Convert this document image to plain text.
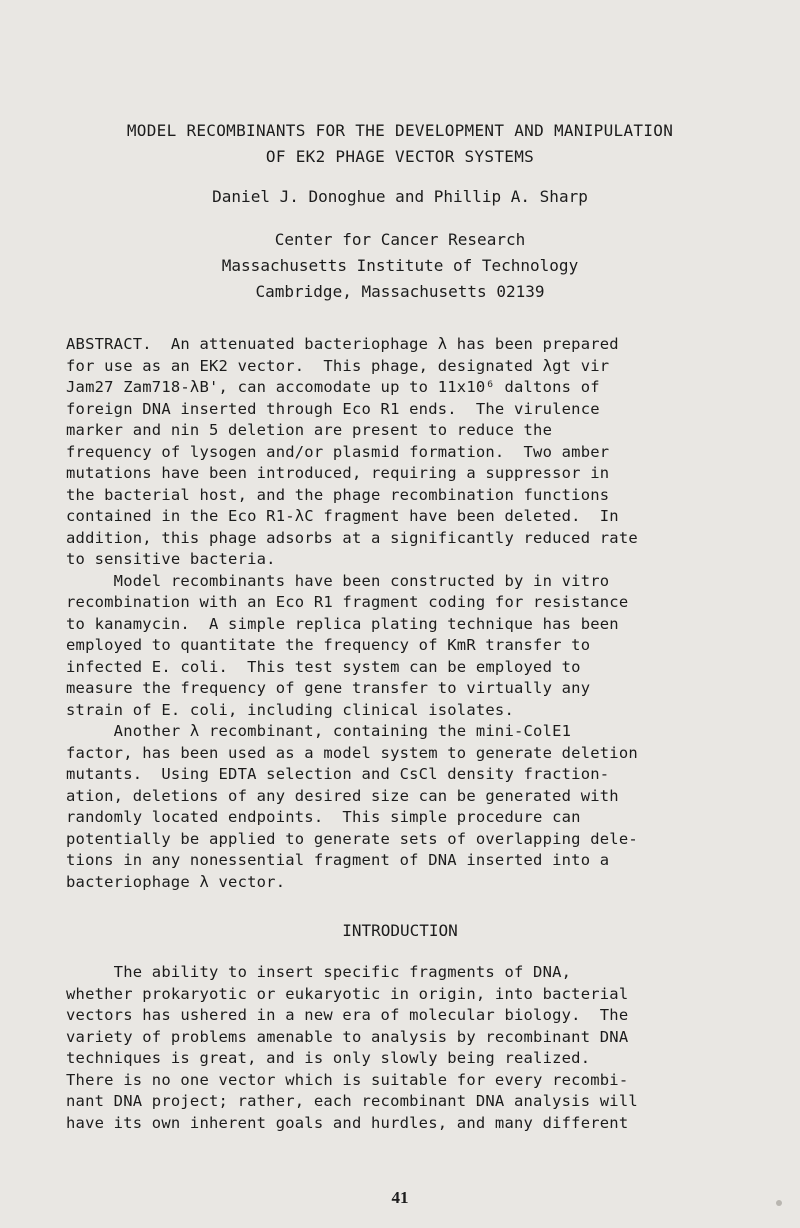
MODEL RECOMBINANTS FOR THE DEVELOPMENT AND MANIPULATION
OF EK2 PHAGE VECTOR SYSTEMS
Daniel J. Donoghue and Phillip A. Sharp
Center for Cancer Research
Massachusetts Institute of Technology
Cambridge, Massachusetts 02139
ABSTRACT.  An attenuated bacteriophage λ has been prepared
for use as an EK2 vector.  This phage, designated λgt vir
Jam27 Zam718-λB', can accomodate up to 11x10⁶ daltons of
foreign DNA inserted through Eco R1 ends.  The virulence
marker and nin 5 deletion are present to reduce the
frequency of lysogen and/or plasmid formation.  Two amber
mutations have been introduced, requiring a suppressor in
the bacterial host, and the phage recombination functions
contained in the Eco R1-λC fragment have been deleted.  In
addition, this phage adsorbs at a significantly reduced rate
to sensitive bacteria.
Model recombinants have been constructed by in vitro
recombination with an Eco R1 fragment coding for resistance
to kanamycin.  A simple replica plating technique has been
employed to quantitate the frequency of KmR transfer to
infected E. coli.  This test system can be employed to
measure the frequency of gene transfer to virtually any
strain of E. coli, including clinical isolates.
Another λ recombinant, containing the mini-ColE1
factor, has been used as a model system to generate deletion
mutants.  Using EDTA selection and CsCl density fraction-
ation, deletions of any desired size can be generated with
randomly located endpoints.  This simple procedure can
potentially be applied to generate sets of overlapping dele-
tions in any nonessential fragment of DNA inserted into a
bacteriophage λ vector.
INTRODUCTION
The ability to insert specific fragments of DNA,
whether prokaryotic or eukaryotic in origin, into bacterial
vectors has ushered in a new era of molecular biology.  The
variety of problems amenable to analysis by recombinant DNA
techniques is great, and is only slowly being realized.
There is no one vector which is suitable for every recombi-
nant DNA project; rather, each recombinant DNA analysis will
have its own inherent goals and hurdles, and many different
41
